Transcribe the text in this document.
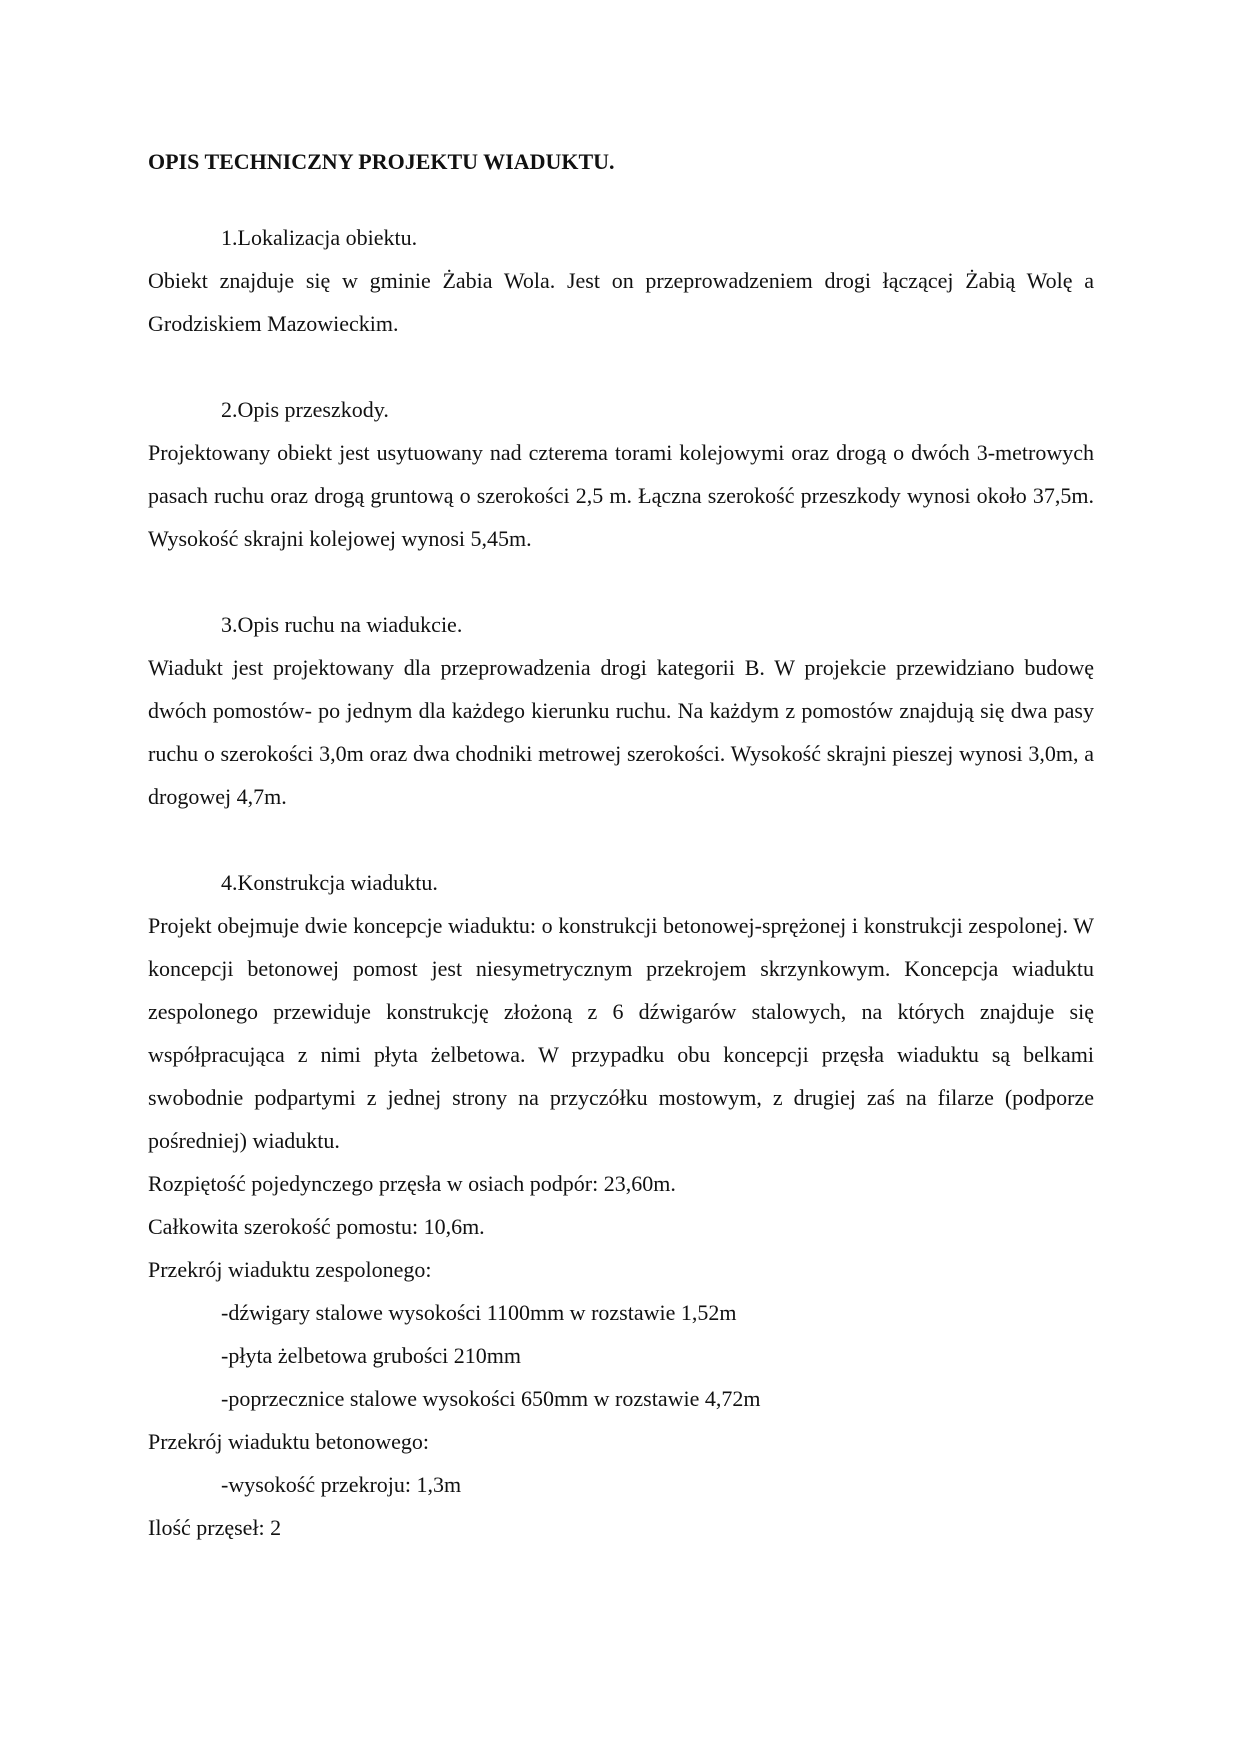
OPIS TECHNICZNY PROJEKTU WIADUKTU.
1.Lokalizacja obiektu.

Obiekt znajduje się w gminie Żabia Wola. Jest on przeprowadzeniem drogi łączącej Żabią Wolę a Grodziskiem Mazowieckim.

2.Opis przeszkody.

Projektowany obiekt jest usytuowany nad czterema torami kolejowymi oraz drogą o dwóch 3-metrowych pasach ruchu oraz drogą gruntową o szerokości 2,5 m. Łączna szerokość przeszkody wynosi około 37,5m. Wysokość skrajni kolejowej wynosi 5,45m.

3.Opis ruchu na wiadukcie.

Wiadukt jest projektowany dla przeprowadzenia drogi kategorii B. W projekcie przewidziano budowę dwóch pomostów- po jednym dla każdego kierunku ruchu. Na każdym z pomostów znajdują się dwa pasy ruchu o szerokości 3,0m oraz dwa chodniki metrowej szerokości. Wysokość skrajni pieszej wynosi 3,0m, a drogowej 4,7m.

4.Konstrukcja wiaduktu.

Projekt obejmuje dwie koncepcje wiaduktu: o konstrukcji betonowej-sprężonej i konstrukcji zespolonej. W koncepcji betonowej pomost jest niesymetrycznym przekrojem skrzynkowym. Koncepcja wiaduktu zespolonego przewiduje konstrukcję złożoną z 6 dźwigarów stalowych, na których znajduje się współpracująca z nimi płyta żelbetowa. W przypadku obu koncepcji przęsła wiaduktu są belkami swobodnie podpartymi z jednej strony na przyczółku mostowym, z drugiej zaś na filarze (podporze pośredniej) wiaduktu.

Rozpiętość pojedynczego przęsła w osiach podpór: 23,60m.
Całkowita szerokość pomostu: 10,6m.
Przekrój wiaduktu zespolonego:
-dźwigary stalowe wysokości 1100mm w rozstawie 1,52m
-płyta żelbetowa grubości 210mm
-poprzecznice stalowe wysokości 650mm w rozstawie 4,72m
Przekrój wiaduktu betonowego:
-wysokość przekroju: 1,3m
Ilość przęseł: 2
